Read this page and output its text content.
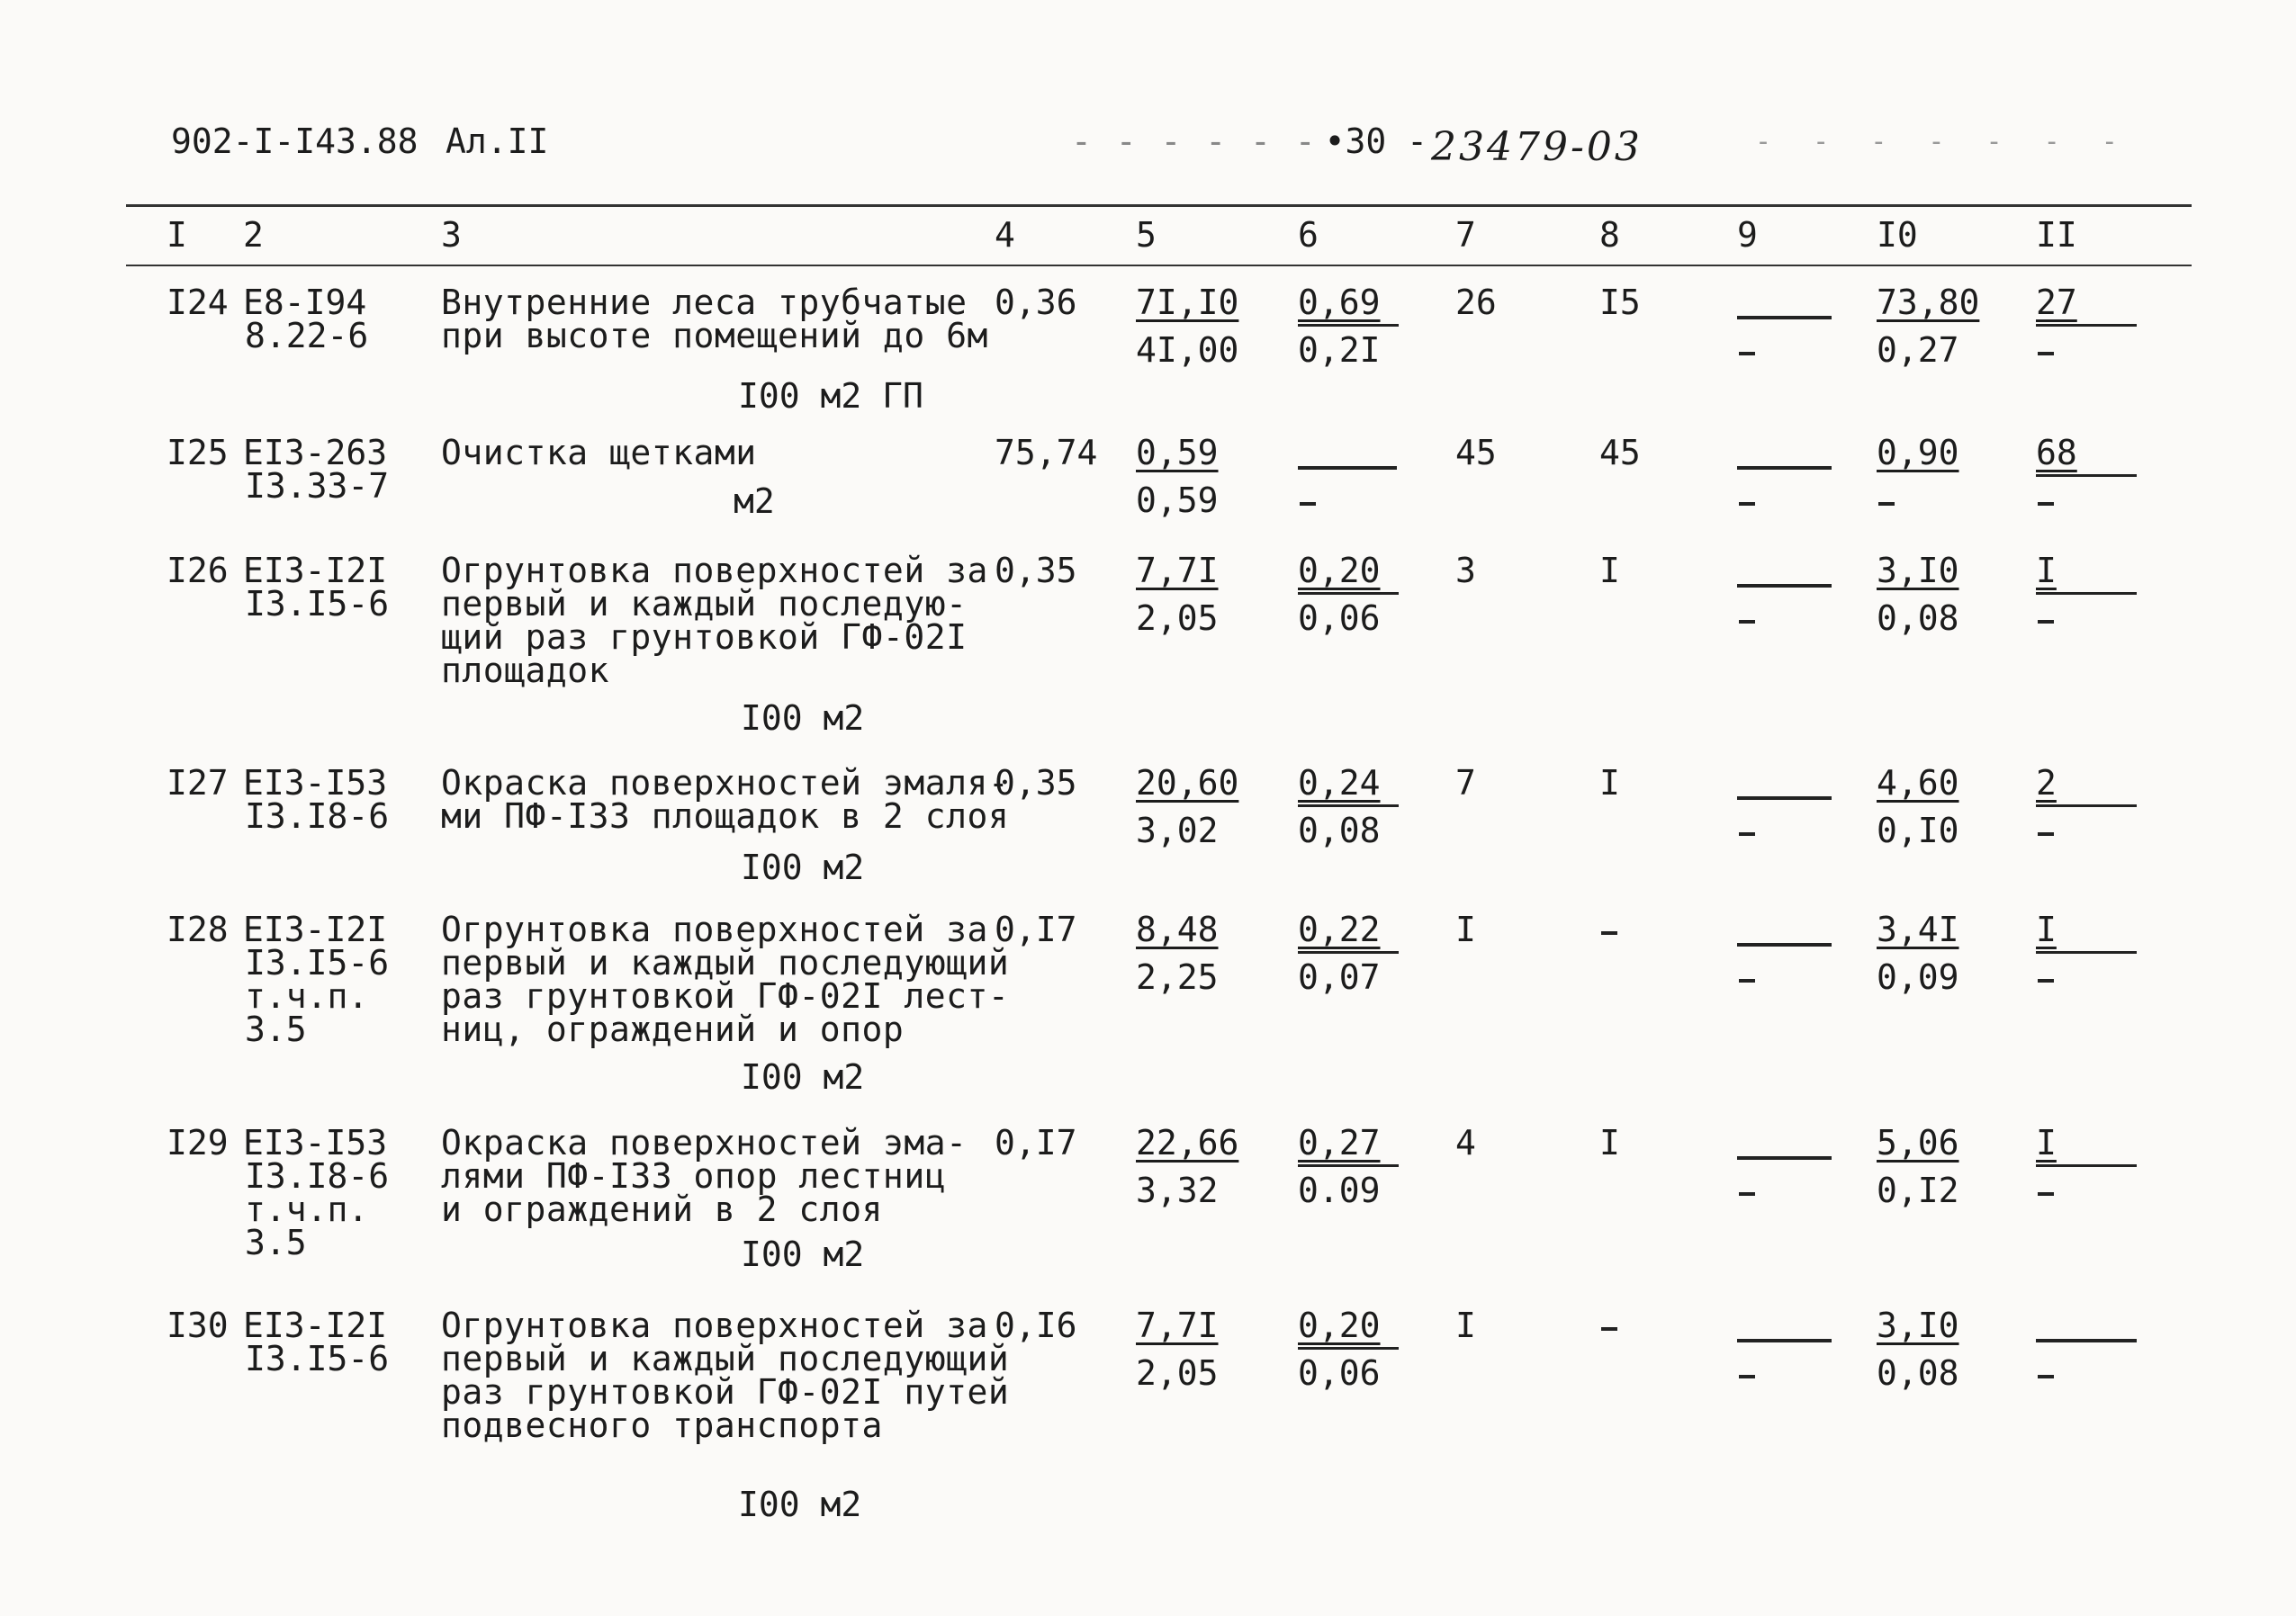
902-I-I43.88 Ал.II
- - -	•30 - 23479-03	- - - - - - -
I 2	3	4	5	6	7	8	9	I0	II
I24 E8-I94
8.22-6
Внутренние леса трубчатые
при высоте помещений до 6м
I00 м2 ГП
0,36 7I,I0
4I,00
0,69
0,2I
73,80
0,27
27
26	I5
I25 EI3-263
I3.33-7
Очистка щетками
м2
75,74 0,59
0,59
0,90 68
45	45
I26 EI3-I2I
I3.I5-6
Огрунтовка поверхностей за
первый и каждый последую-
щий раз грунтовкой ГФ-02I
площадок
I00 м2
0,35 7,7I
2,05
0,20
0,06
3,I0
0,08
I
3	I
I27 EI3-I53
I3.I8-6
Окраска поверхностей эмаля-
ми ПФ-I33 площадок в 2 слоя
I00 м2
0,35 20,60
3,02
0,24
0,08
4,60
0,I0
2
7	I
I28 EI3-I2I
I3.I5-6
т.ч.п.
3.5
Огрунтовка поверхностей за
первый и каждый последующий
раз грунтовкой ГФ-02I лест-
ниц, ограждений и опор
I00 м2
0,I7 8,48
2,25
0,22
0,07
3,4I
0,09
I
I
I29 EI3-I53
I3.I8-6
т.ч.п.
3.5
Окраска поверхностей эма-
лями ПФ-I33 опор лестниц
и ограждений в 2 слоя
I00 м2
0,I7 22,66
3,32
0,27
0.09
5,06
0,I2
I
4	I
I30 EI3-I2I
I3.I5-6
Огрунтовка поверхностей за
первый и каждый последующий
раз грунтовкой ГФ-02I путей
подвесного транспорта
I00 м2
0,I6 7,7I
2,05
0,20
0,06
3,I0
0,08
I
